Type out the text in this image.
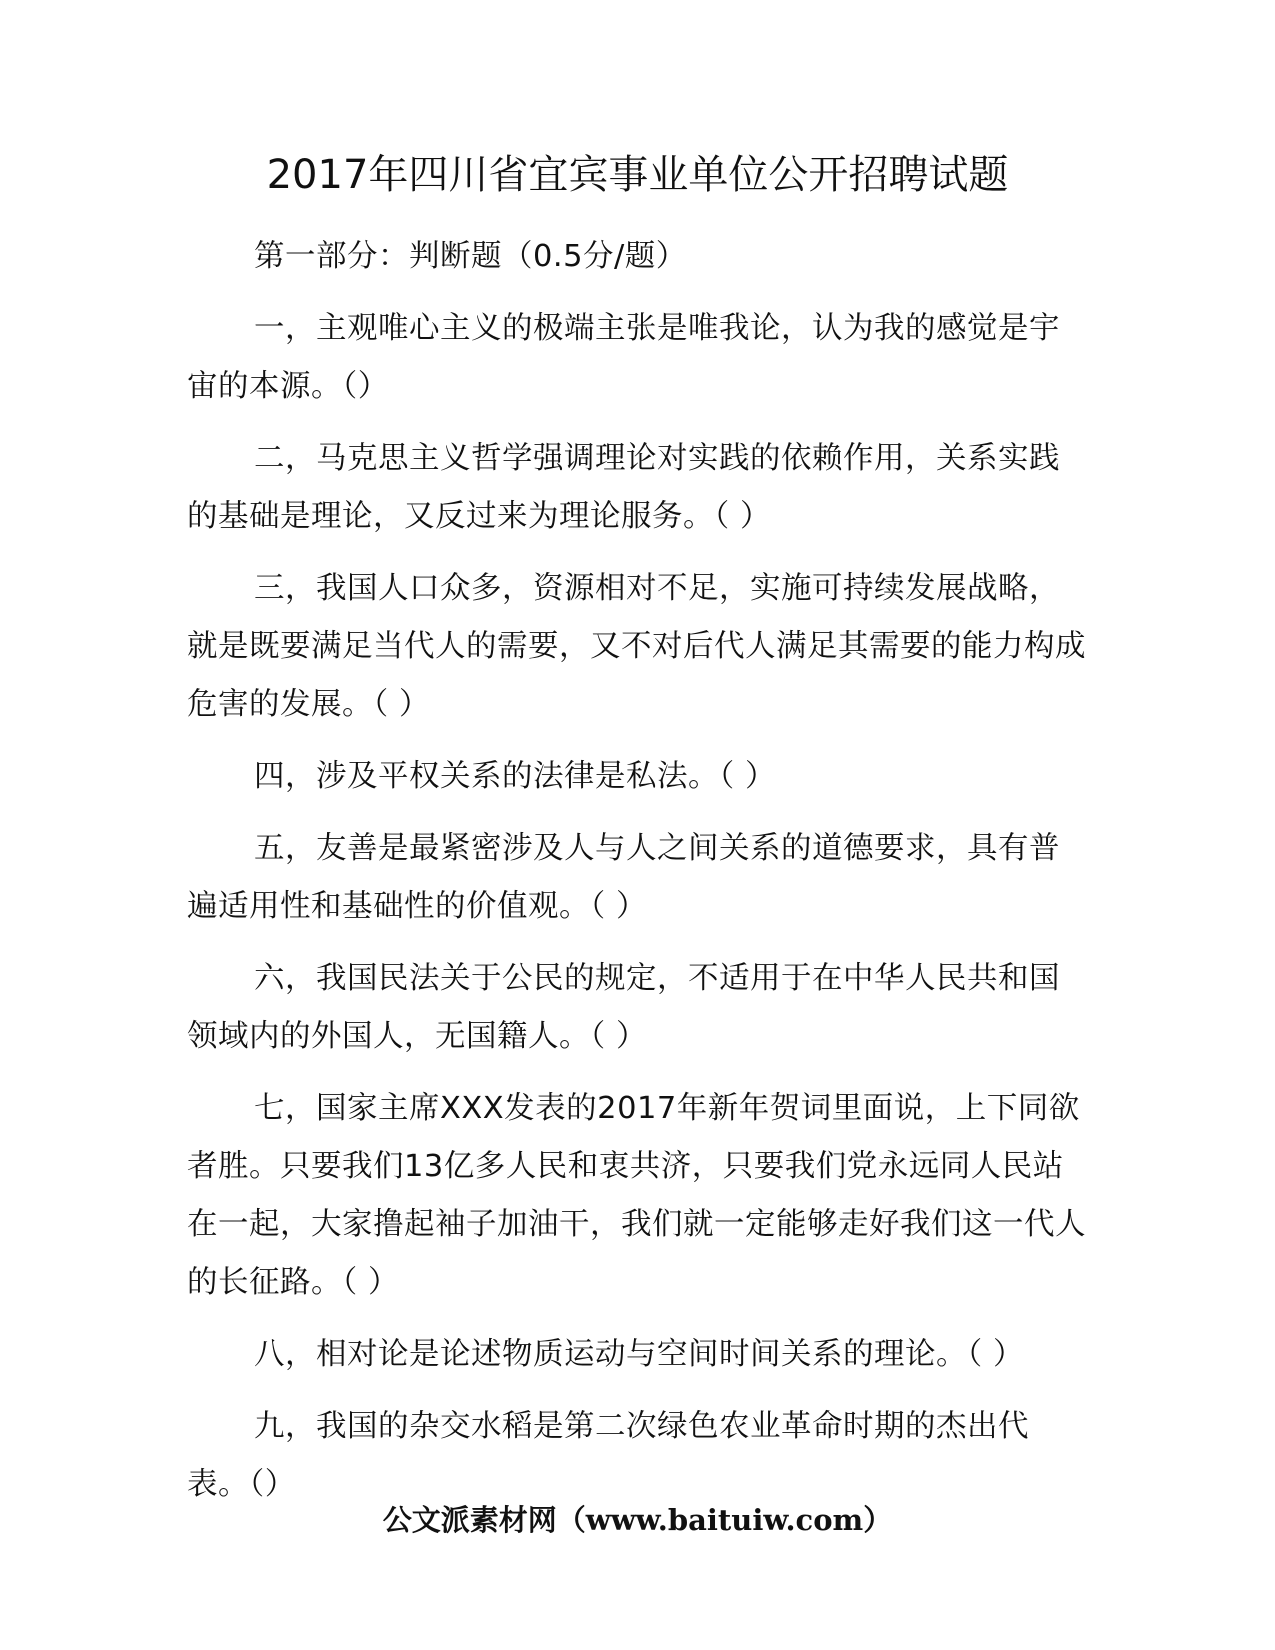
2017年四川省宜宾事业单位公开招聘试题

第一部分：判断题（0.5分/题）

一，主观唯心主义的极端主张是唯我论，认为我的感觉是宇宙的本源。（）

二，马克思主义哲学强调理论对实践的依赖作用，关系实践的基础是理论，又反过来为理论服务。（ ）

三，我国人口众多，资源相对不足，实施可持续发展战略，就是既要满足当代人的需要，又不对后代人满足其需要的能力构成危害的发展。（ ）

四，涉及平权关系的法律是私法。（ ）

五，友善是最紧密涉及人与人之间关系的道德要求，具有普遍适用性和基础性的价值观。（ ）

六，我国民法关于公民的规定，不适用于在中华人民共和国领域内的外国人，无国籍人。（ ）

七，国家主席XXX发表的2017年新年贺词里面说，上下同欲者胜。只要我们13亿多人民和衷共济，只要我们党永远同人民站在一起，大家撸起袖子加油干，我们就一定能够走好我们这一代人的长征路。（ ）

八，相对论是论述物质运动与空间时间关系的理论。（ ）

九，我国的杂交水稻是第二次绿色农业革命时期的杰出代表。（）

公文派素材网（www.baituiw.com）
